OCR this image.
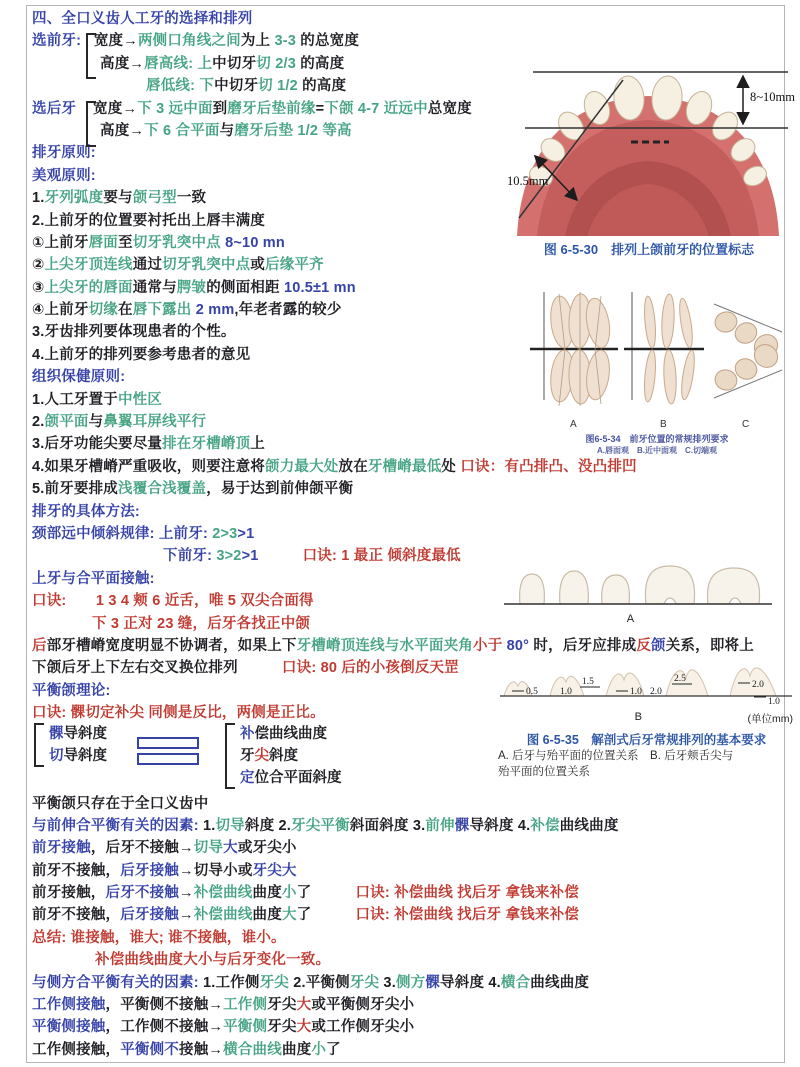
四、全口义齿人工牙的选择和排列
选前牙: 宽度→两侧口角线之间为上 3-3 的总宽度
高度→唇高线: 上中切牙切 2/3 的高度
唇低线: 下中切牙切 1/2 的高度
选后牙 宽度→下 3 远中面到磨牙后垫前缘=下颌 4-7 近远中总宽度
高度→下 6 合平面与磨牙后垫 1/2 等高
排牙原则:
美观原则:
1.牙列弧度要与颌弓型一致
2.上前牙的位置要衬托出上唇丰满度
①上前牙唇面至切牙乳突中点 8~10 mn
②上尖牙顶连线通过切牙乳突中点或后缘平齐
③上尖牙的唇面通常与腭皱的侧面相距 10.5±1 mn
④上前牙切缘在唇下露出 2 mm,年老者露的较少
3.牙齿排列要体现患者的个性。
4.上前牙的排列要参考患者的意见
组织保健原则:
1.人工牙置于中性区
2.颌平面与鼻翼耳屏线平行
3.后牙功能尖要尽量排在牙槽嵴顶上
4.如果牙槽嵴严重吸收，则要注意将颌力最大处放在牙槽嵴最低处 口诀：有凸排凸、没凸排凹
5.前牙要排成浅覆合浅覆盖，易于达到前伸颌平衡
排牙的具体方法:
颈部远中倾斜规律: 上前牙: 2>3>1
下前牙: 3>2>1　　　	口诀: 1 最正 倾斜度最低
上牙与合平面接触:
口诀:　　1 3 4 颊 6 近舌，唯 5 双尖合面得
下 3 正对 23 缝，后牙各找正中颌
后部牙槽嵴宽度明显不协调者，如果上下牙槽嵴顶连线与水平面夹角小于 80° 时，后牙应排成反颌关系，即将上
下颌后牙上下左右交叉换位排列　　　	口诀: 80 后的小孩倒反天罡
平衡颌理论:
口诀: 髁切定补尖 同侧是反比，两侧是正比。
平衡颌只存在于全口义齿中
与前伸合平衡有关的因素: 1.切导斜度 2.牙尖平衡斜面斜度 3.前伸髁导斜度 4.补偿曲线曲度
前牙接触，后牙不接触→切导大或牙尖小
前牙不接触，后牙接触→切导小或牙尖大
前牙接触，后牙不接触→补偿曲线曲度小了　　　	口诀: 补偿曲线 找后牙 拿钱来补偿
前牙不接触，后牙接触→补偿曲线曲度大了　　　	口诀: 补偿曲线 找后牙 拿钱来补偿
总结: 谁接触，谁大; 谁不接触，谁小。
补偿曲线曲度大小与后牙变化一致。
与侧方合平衡有关的因素: 1.工作侧牙尖 2.平衡侧牙尖 3.侧方髁导斜度 4.横合曲线曲度
工作侧接触，平衡侧不接触→工作侧牙尖大或平衡侧牙尖小
平衡侧接触，工作侧不接触→平衡侧牙尖大或工作侧牙尖小
工作侧接触，平衡侧不接触→横合曲线曲度小了
髁导斜度
切导斜度
补偿曲线曲度
牙尖斜度
定位合平面斜度
8~10mm
10.5mm
图 6-5-30　排列上颌前牙的位置标志
A	B	C
图6-5-34　前牙位置的常规排列要求
A.唇面观　B.近中面观　C.切端观
A
0.5 1.0
1.5
1.0 2.0
2.5
2.0
1.0
B	(单位mm)
图 6-5-35　解剖式后牙常规排列的基本要求
A. 后牙与殆平面的位置关系　B. 后牙颊舌尖与
殆平面的位置关系
